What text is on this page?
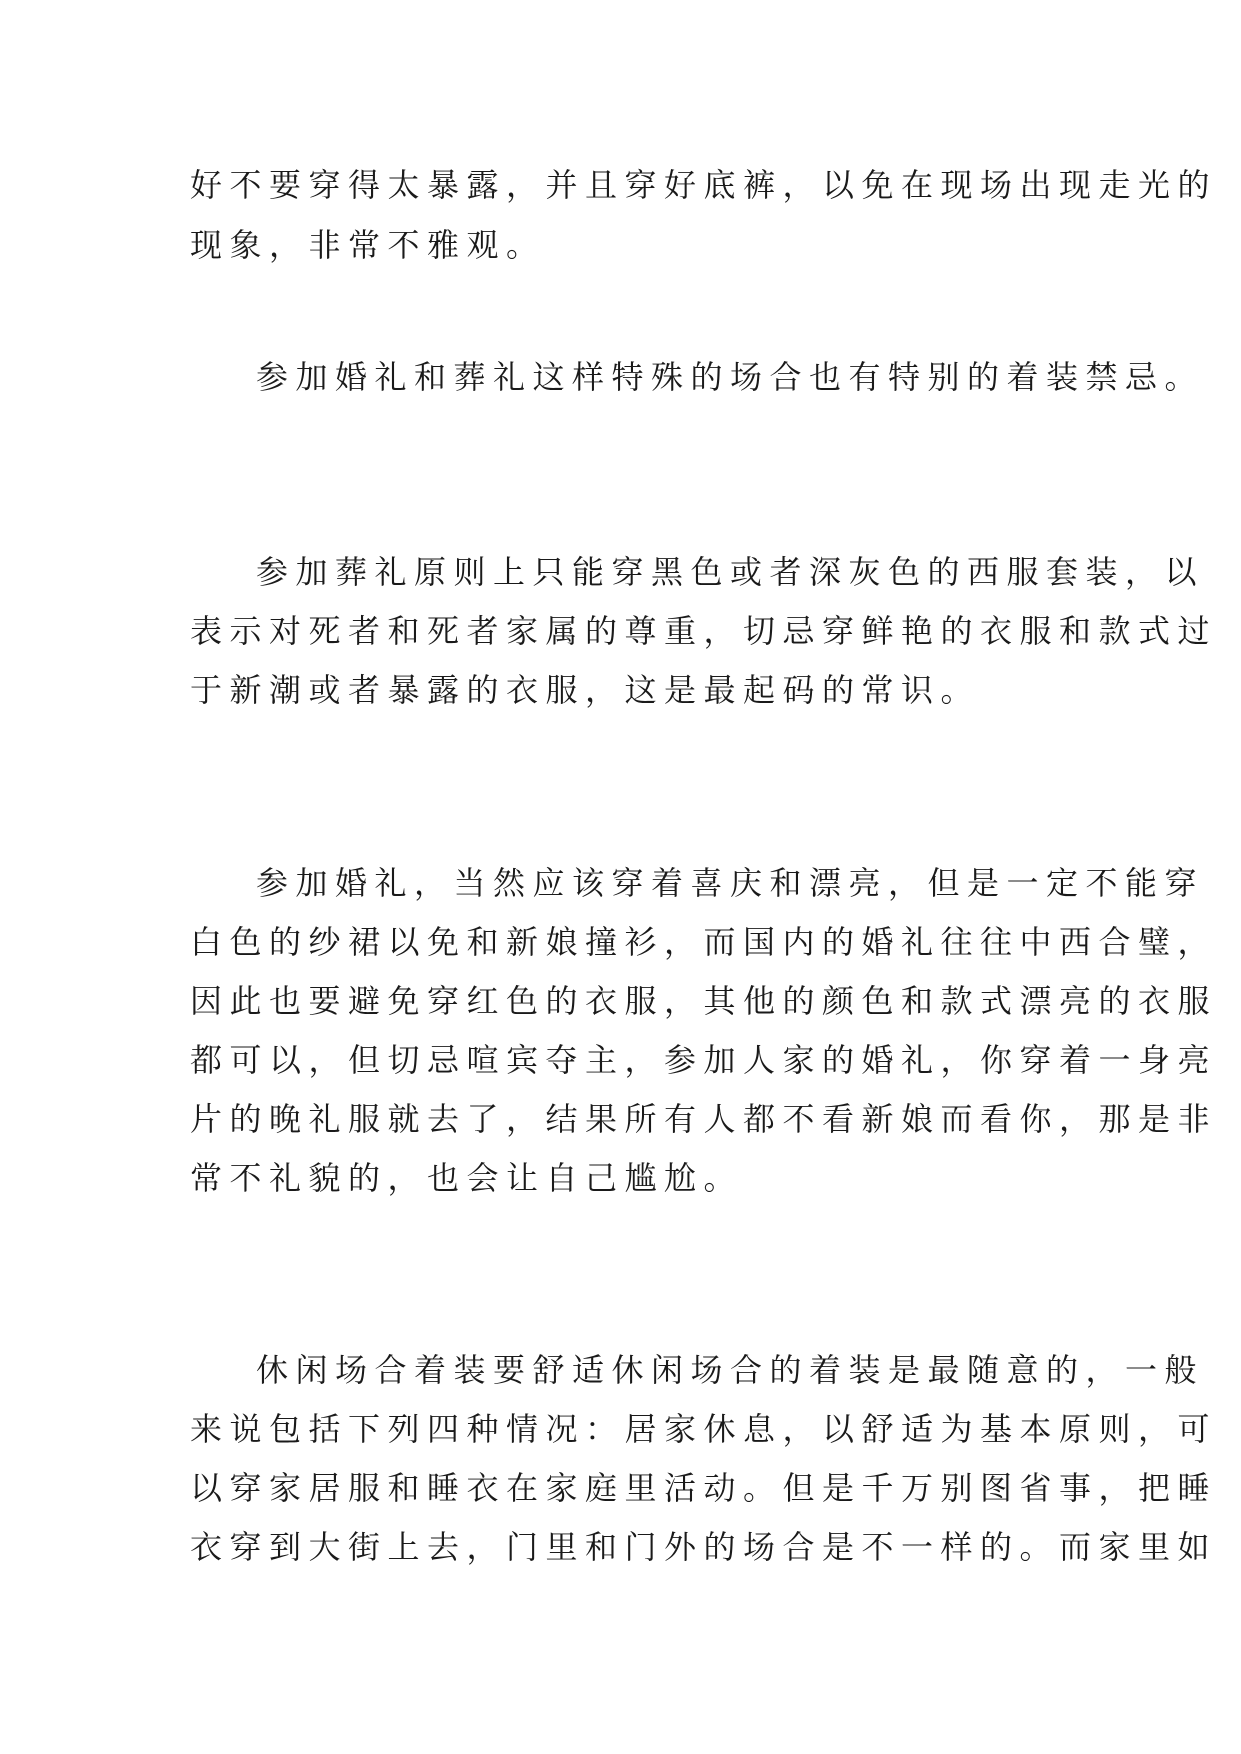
好不要穿得太暴露，并且穿好底裤，以免在现场出现走光的

现象，非常不雅观。

参加婚礼和葬礼这样特殊的场合也有特别的着装禁忌。

参加葬礼原则上只能穿黑色或者深灰色的西服套装，以

表示对死者和死者家属的尊重，切忌穿鲜艳的衣服和款式过

于新潮或者暴露的衣服，这是最起码的常识。

参加婚礼，当然应该穿着喜庆和漂亮，但是一定不能穿

白色的纱裙以免和新娘撞衫，而国内的婚礼往往中西合璧，

因此也要避免穿红色的衣服，其他的颜色和款式漂亮的衣服

都可以，但切忌喧宾夺主，参加人家的婚礼，你穿着一身亮

片的晚礼服就去了，结果所有人都不看新娘而看你，那是非

常不礼貌的，也会让自己尴尬。

休闲场合着装要舒适休闲场合的着装是最随意的，一般

来说包括下列四种情况：居家休息，以舒适为基本原则，可

以穿家居服和睡衣在家庭里活动。但是千万别图省事，把睡

衣穿到大街上去，门里和门外的场合是不一样的。而家里如
